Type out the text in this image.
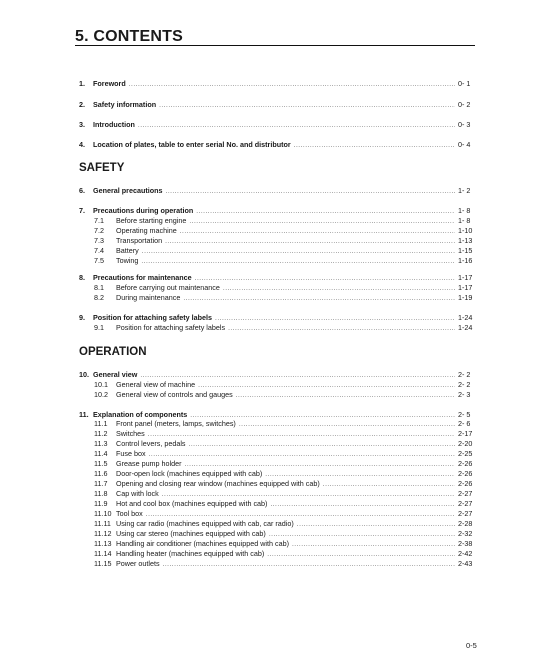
5. CONTENTS
1.	Foreword .....	0- 1
2.	Safety information .....	0- 2
3.	Introduction .....	0- 3
4.	Location of plates, table to enter serial No. and distributor .....	0- 4
SAFETY
6.	General precautions .....	1- 2
7.	Precautions during operation .....	1- 8
7.1	Before starting engine .....	1- 8
7.2	Operating machine .....	1-10
7.3	Transportation .....	1-13
7.4	Battery .....	1-15
7.5	Towing .....	1-16
8.	Precautions for maintenance .....	1-17
8.1	Before carrying out maintenance .....	1-17
8.2	During maintenance .....	1-19
9.	Position for attaching safety labels .....	1-24
9.1	Position for attaching safety labels .....	1-24
OPERATION
10. General view .....	2- 2
10.1	General view of machine .....	2- 2
10.2	General view of controls and gauges .....	2- 3
11. Explanation of components .....	2- 5
11.1	Front panel (meters, lamps, switches) .....	2- 6
11.2	Switches .....	2-17
11.3	Control levers, pedals .....	2-20
11.4	Fuse box .....	2-25
11.5	Grease pump holder .....	2-26
11.6	Door-open lock (machines equipped with cab) .....	2-26
11.7	Opening and closing rear window (machines equipped with cab) .....	2-26
11.8	Cap with lock .....	2-27
11.9	Hot and cool box (machines equipped with cab) .....	2-27
11.10 Tool box .....	2-27
11.11 Using car radio (machines equipped with cab, car radio) .....	2-28
11.12 Using car stereo (machines equipped with cab) .....	2-32
11.13 Handling air conditioner (machines equipped with cab) .....	2-38
11.14 Handling heater (machines equipped with cab) .....	2-42
11.15 Power outlets .....	2-43
0-5
